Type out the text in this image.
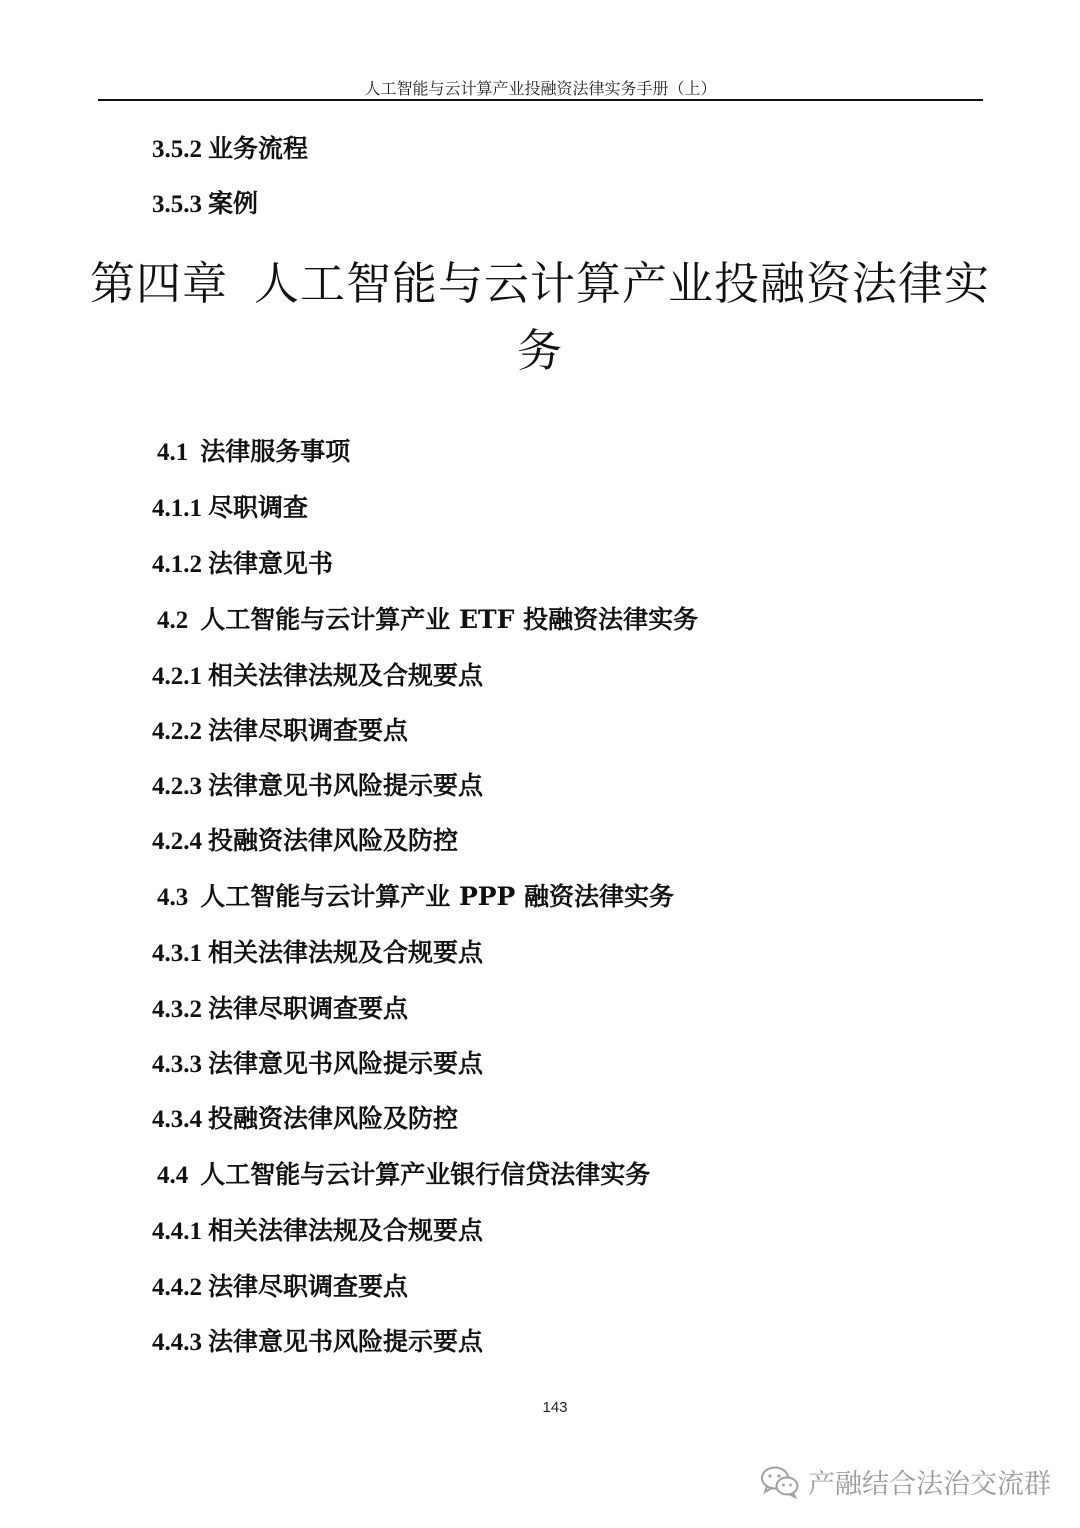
人工智能与云计算产业投融资法律实务手册（上）
3.5.2 业务流程
3.5.3 案例
第四章 人工智能与云计算产业投融资法律实务
4.1 法律服务事项
4.1.1 尽职调查
4.1.2 法律意见书
4.2 人工智能与云计算产业 ETF 投融资法律实务
4.2.1 相关法律法规及合规要点
4.2.2 法律尽职调查要点
4.2.3 法律意见书风险提示要点
4.2.4 投融资法律风险及防控
4.3 人工智能与云计算产业 PPP 融资法律实务
4.3.1 相关法律法规及合规要点
4.3.2 法律尽职调查要点
4.3.3 法律意见书风险提示要点
4.3.4 投融资法律风险及防控
4.4 人工智能与云计算产业银行信贷法律实务
4.4.1 相关法律法规及合规要点
4.4.2 法律尽职调查要点
4.4.3 法律意见书风险提示要点
143
产融结合法治交流群
